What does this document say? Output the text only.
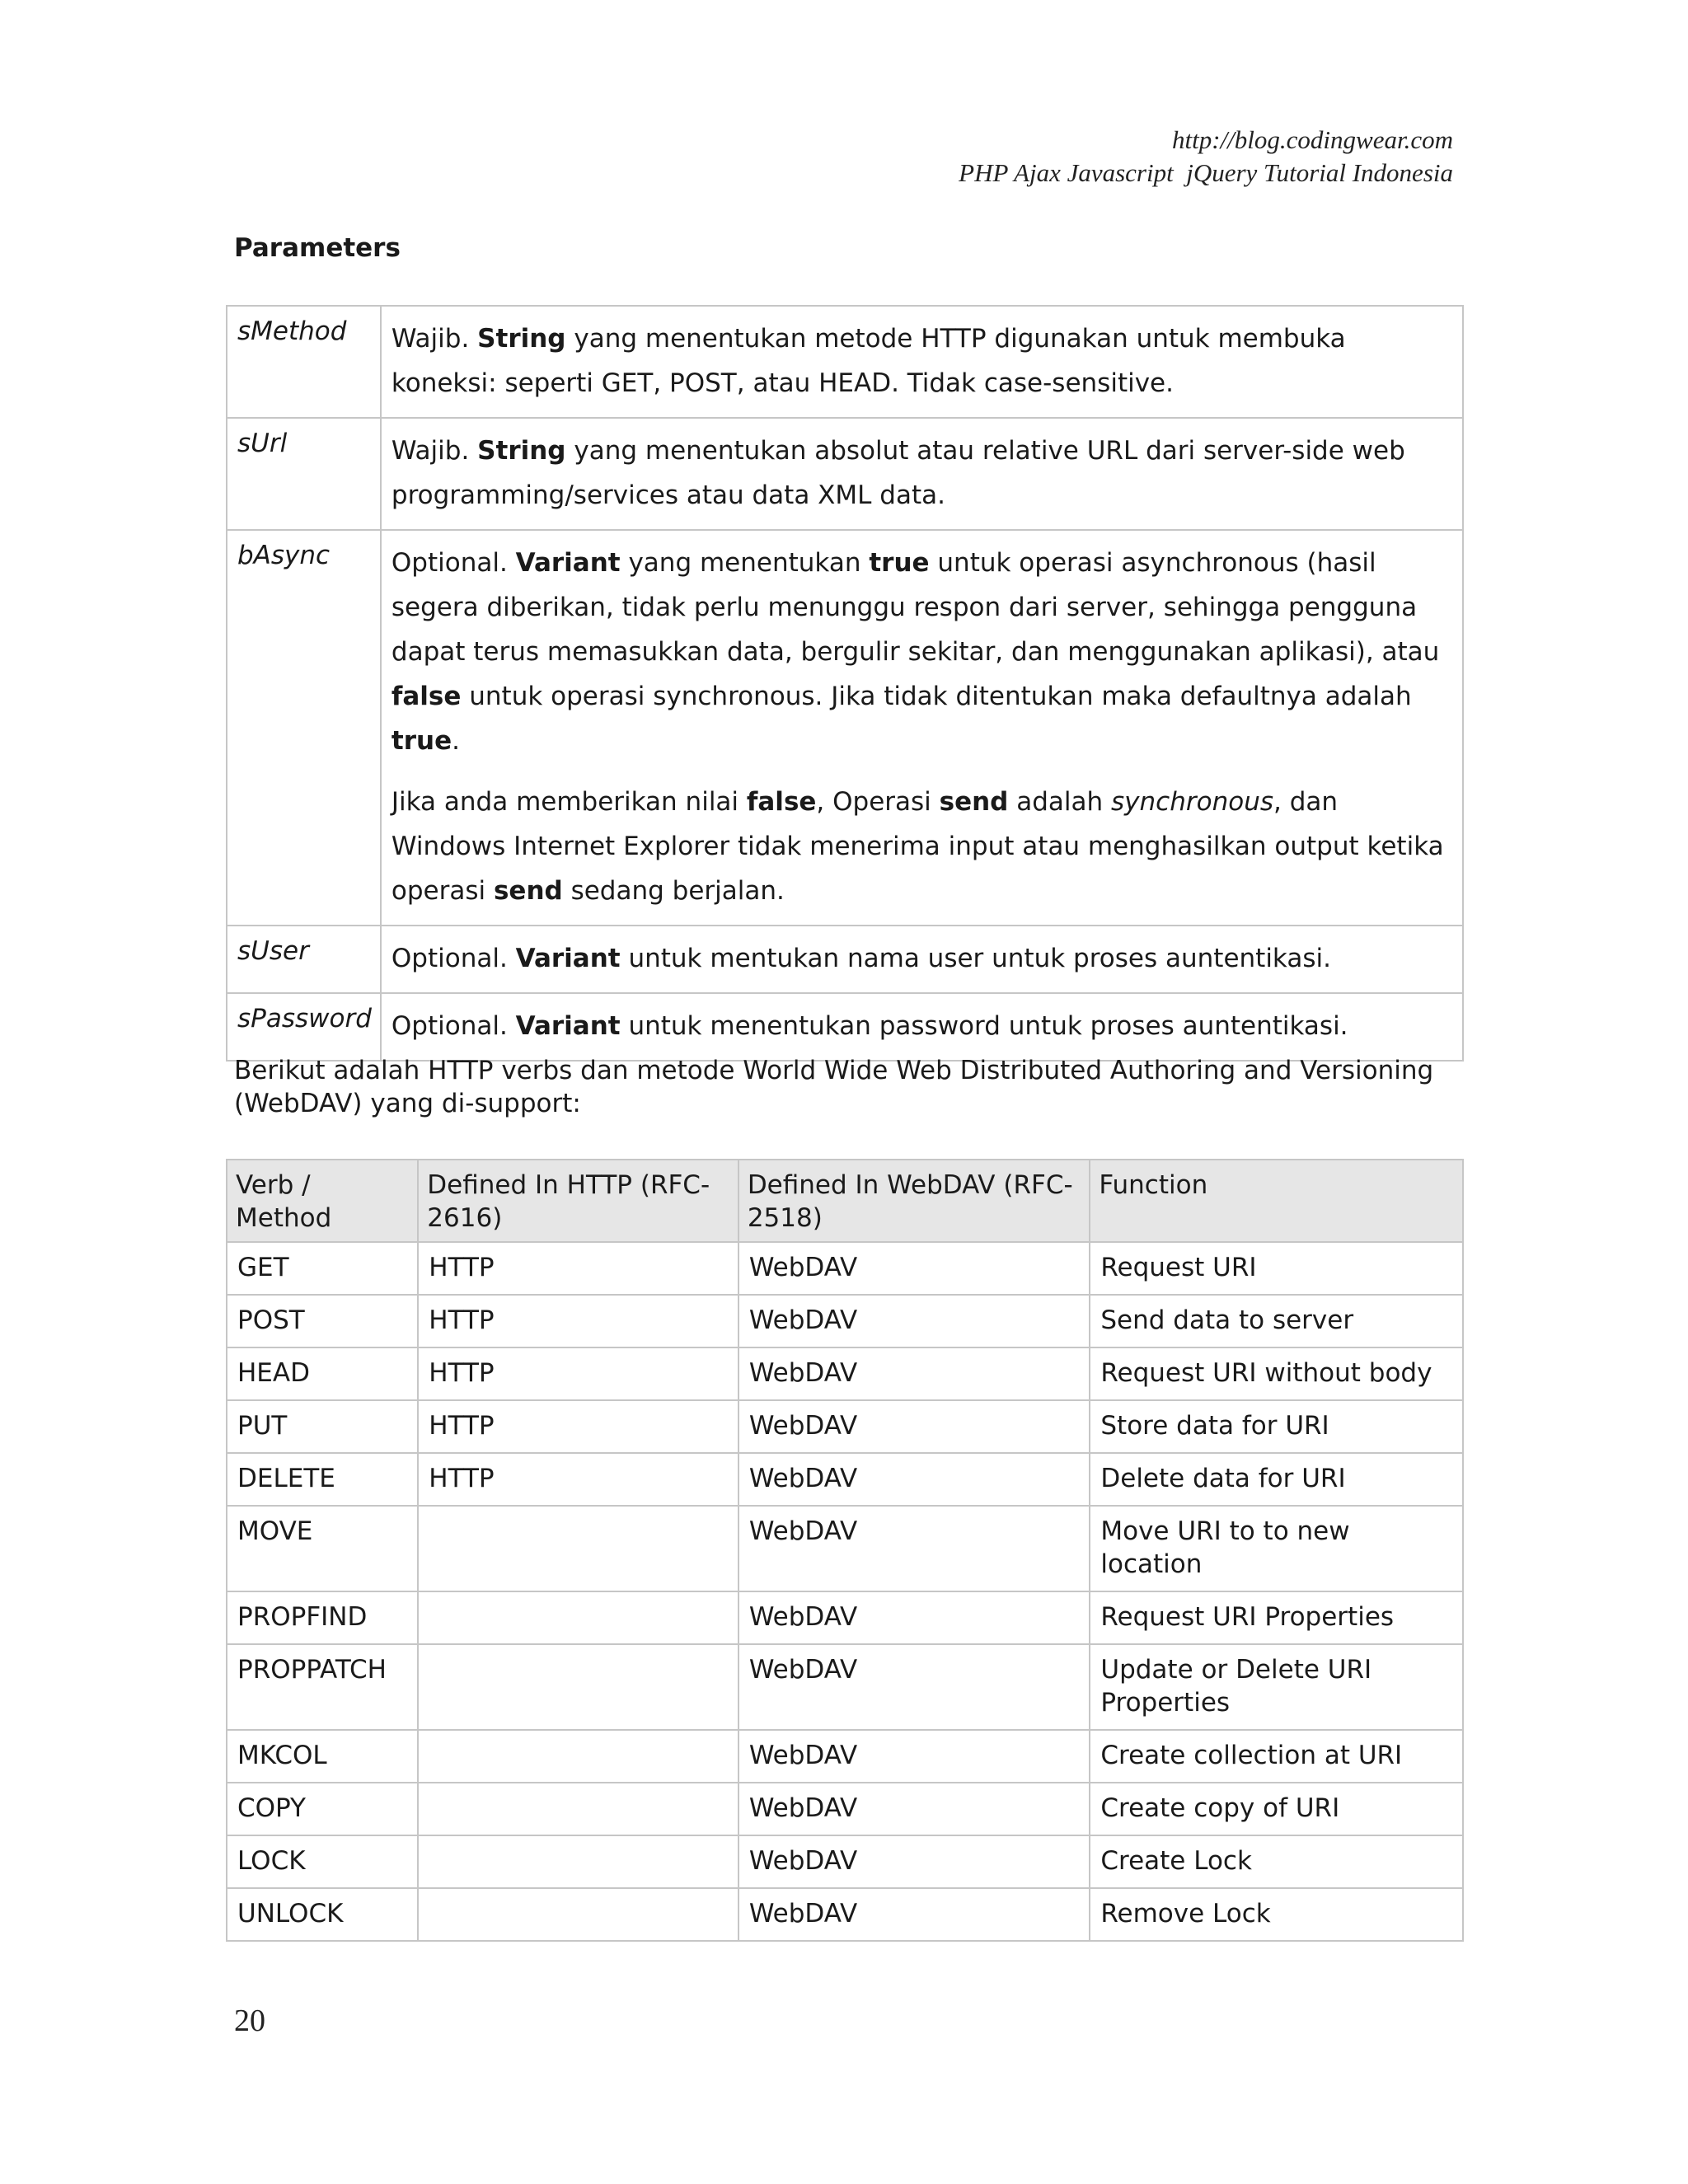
http://blog.codingwear.com
PHP Ajax Javascript  jQuery Tutorial Indonesia
Parameters
sMethod	Wajib. String yang menentukan metode HTTP digunakan untuk membuka koneksi: seperti GET, POST, atau HEAD. Tidak case-sensitive.

sUrl	Wajib. String yang menentukan absolut atau relative URL dari server-side web programming/services atau data XML data.

bAsync	Optional. Variant yang menentukan true untuk operasi asynchronous (hasil segera diberikan, tidak perlu menunggu respon dari server, sehingga pengguna dapat terus memasukkan data, bergulir sekitar, dan menggunakan aplikasi), atau false untuk operasi synchronous. Jika tidak ditentukan maka defaultnya adalah true.

Jika anda memberikan nilai false, Operasi send adalah synchronous, dan Windows Internet Explorer tidak menerima input atau menghasilkan output ketika operasi send sedang berjalan.

sUser	Optional. Variant untuk mentukan nama user untuk proses auntentikasi.

sPassword	Optional. Variant untuk menentukan password untuk proses auntentikasi.

Berikut adalah HTTP verbs dan metode World Wide Web Distributed Authoring and Versioning (WebDAV) yang di-support:
Verb / Method	Defined In HTTP (RFC-2616)	Defined In WebDAV (RFC-2518)	Function
GET	HTTP	WebDAV	Request URI
POST	HTTP	WebDAV	Send data to server
HEAD	HTTP	WebDAV	Request URI without body
PUT	HTTP	WebDAV	Store data for URI
DELETE	HTTP	WebDAV	Delete data for URI
MOVE		WebDAV	Move URI to to new location
PROPFIND		WebDAV	Request URI Properties
PROPPATCH		WebDAV	Update or Delete URI Properties
MKCOL		WebDAV	Create collection at URI
COPY		WebDAV	Create copy of URI
LOCK		WebDAV	Create Lock
UNLOCK		WebDAV	Remove Lock
20
